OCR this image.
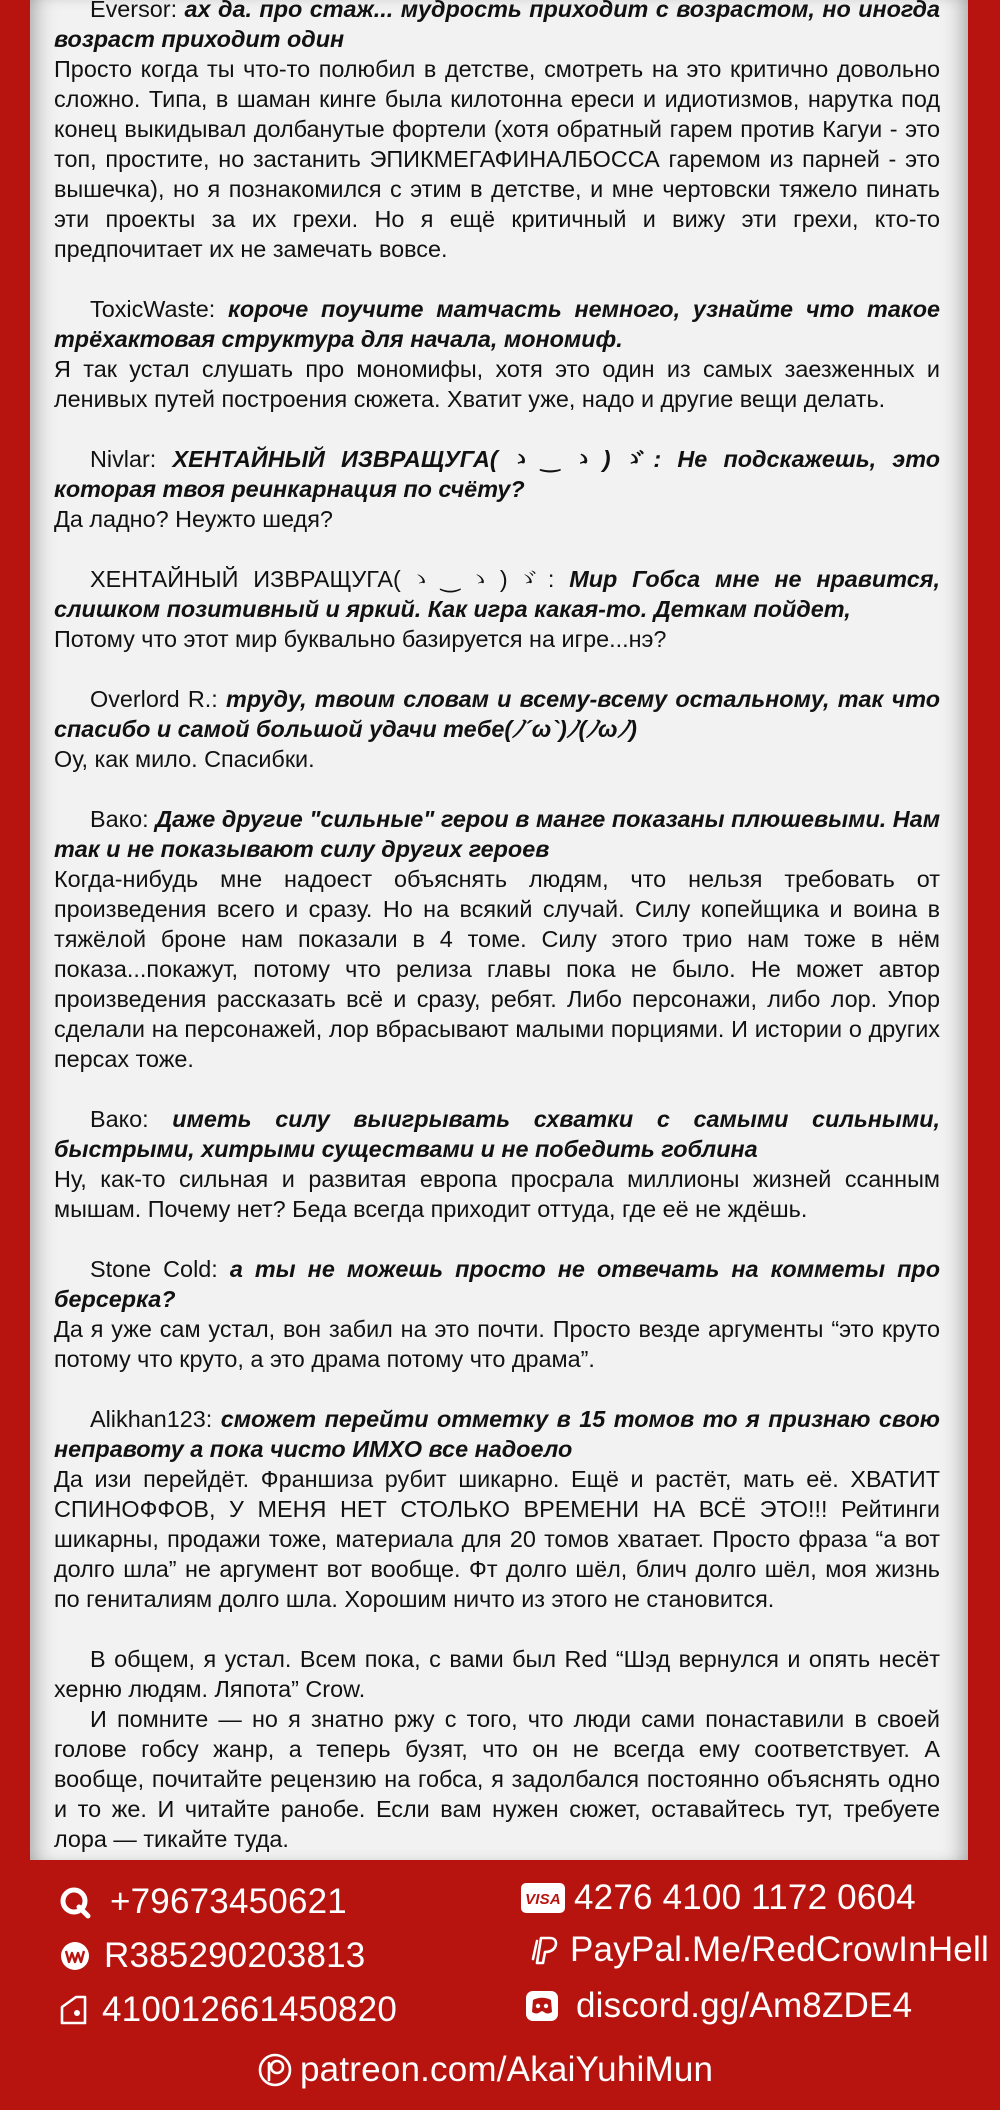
Eversor: ах да. про стаж... мудрость приходит с возрастом, но иногда возраст приходит один

Просто когда ты что-то полюбил в детстве, смотреть на это критично довольно сложно. Типа, в шаман кинге была килотонна ереси и идиотизмов, нарутка под конец выкидывал долбанутые фортели (хотя обратный гарем против Кагуи - это топ, простите, но застанить ЭПИКМЕГАФИНАЛБОССА гаремом из парней - это вышечка), но я познакомился с этим в детстве, и мне чертовски тяжело пинать эти проекты за их грехи. Но я ещё критичный и вижу эти грехи, кто-то предпочитает их не замечать вовсе.

ToxicWaste: короче поучите матчасть немного, узнайте что такое трёхактовая структура для начала, мономиф.

Я так устал слушать про мономифы, хотя это один из самых заезженных и ленивых путей построения сюжета. Хватит уже, надо и другие вещи делать.

Nivlar: ХЕНТАЙНЫЙ ИЗВРАЩУГА(ゝ‿ゝ)ゞ: Не подскажешь, это которая твоя реинкарнация по счёту?

Да ладно? Неужто шедя?

ХЕНТАЙНЫЙ ИЗВРАЩУГА(ゝ‿ゝ)ゞ: Мир Гобса мне не нравится, слишком позитивный и яркий. Как игра какая-то. Деткам пойдет,

Потому что этот мир буквально базируется на игре...нэ?

Overlord R.: труду, твоим словам и всему-всему остальному, так что спасибо и самой большой удачи тебе(ﾉ´ω`)ﾉ(ﾉωﾉ)

Оу, как мило. Спасибки.

Вако: Даже другие "сильные" герои в манге показаны плюшевыми. Нам так и не показывают силу других героев

Когда-нибудь мне надоест объяснять людям, что нельзя требовать от произведения всего и сразу. Но на всякий случай. Силу копейщика и воина в тяжёлой броне нам показали в 4 томе. Силу этого трио нам тоже в нём показа...покажут, потому что релиза главы пока не было. Не может автор произведения рассказать всё и сразу, ребят. Либо персонажи, либо лор. Упор сделали на персонажей, лор вбрасывают малыми порциями. И истории о других персах тоже.

Вако: иметь силу выигрывать схватки с самыми сильными, быстрыми, хитрыми существами и не победить гоблина

Ну, как-то сильная и развитая европа просрала миллионы жизней ссанным мышам. Почему нет? Беда всегда приходит оттуда, где её не ждёшь.

Stone Cold: а ты не можешь просто не отвечать на комметы про берсерка?

Да я уже сам устал, вон забил на это почти. Просто везде аргументы “это круто потому что круто, а это драма потому что драма”.

Alikhan123: сможет перейти отметку в 15 томов то я признаю свою неправоту а пока чисто ИМХО все надоело

Да изи перейдёт. Франшиза рубит шикарно. Ещё и растёт, мать её. ХВАТИТ СПИНОФФОВ, У МЕНЯ НЕТ СТОЛЬКО ВРЕМЕНИ НА ВСЁ ЭТО!!! Рейтинги шикарны, продажи тоже, материала для 20 томов хватает. Просто фраза “а вот долго шла” не аргумент вот вообще. Фт долго шёл, блич долго шёл, моя жизнь по гениталиям долго шла. Хорошим ничто из этого не становится.

В общем, я устал. Всем пока, с вами был Red “Шэд вернулся и опять несёт херню людям. Ляпота” Crow.

И помните — но я знатно ржу с того, что люди сами понаставили в своей голове гобсу жанр, а теперь бузят, что он не всегда ему соответствует. А вообще, почитайте рецензию на гобса, я задолбался постоянно объяснять одно и то же. И читайте ранобе. Если вам нужен сюжет, оставайтесь тут, требуете лора — тикайте туда.

+79673450621
R385290203813
410012661450820
VISA 4276 4100 1172 0604
PayPal.Me/RedCrowInHell
discord.gg/Am8ZDE4
patreon.com/AkaiYuhiMun
